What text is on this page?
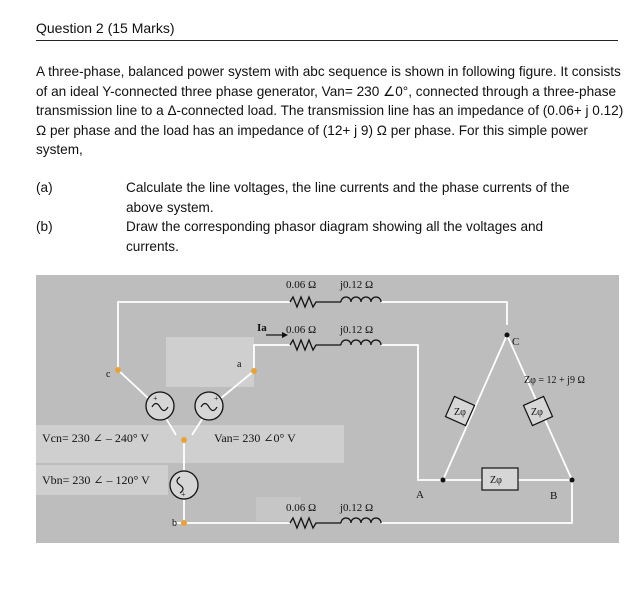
Question 2 (15 Marks)
A three-phase, balanced power system with abc sequence is shown in following figure. It consists of an ideal Y-connected three phase generator, Van= 230 ∠0°, connected through a three-phase transmission line to a Δ-connected load. The transmission line has an impedance of (0.06+ j 0.12) Ω per phase and the load has an impedance of (12+ j 9) Ω per phase. For this simple power system,
(a)	Calculate the line voltages, the line currents and the phase currents of the above system.
(b)	Draw the corresponding phasor diagram showing all the voltages and currents.
+	+
+
Zφ	Zφ
Zφ
0.06 Ω j0.12 Ω
0.06 Ω j0.12 Ω
0.06 Ω j0.12 Ω
Ia
c
a
b
C
A	B
Vcn= 230 ∠ – 240° V	Van= 230 ∠0° V
Vbn= 230 ∠ – 120° V
Zφ = 12 + j9 Ω
